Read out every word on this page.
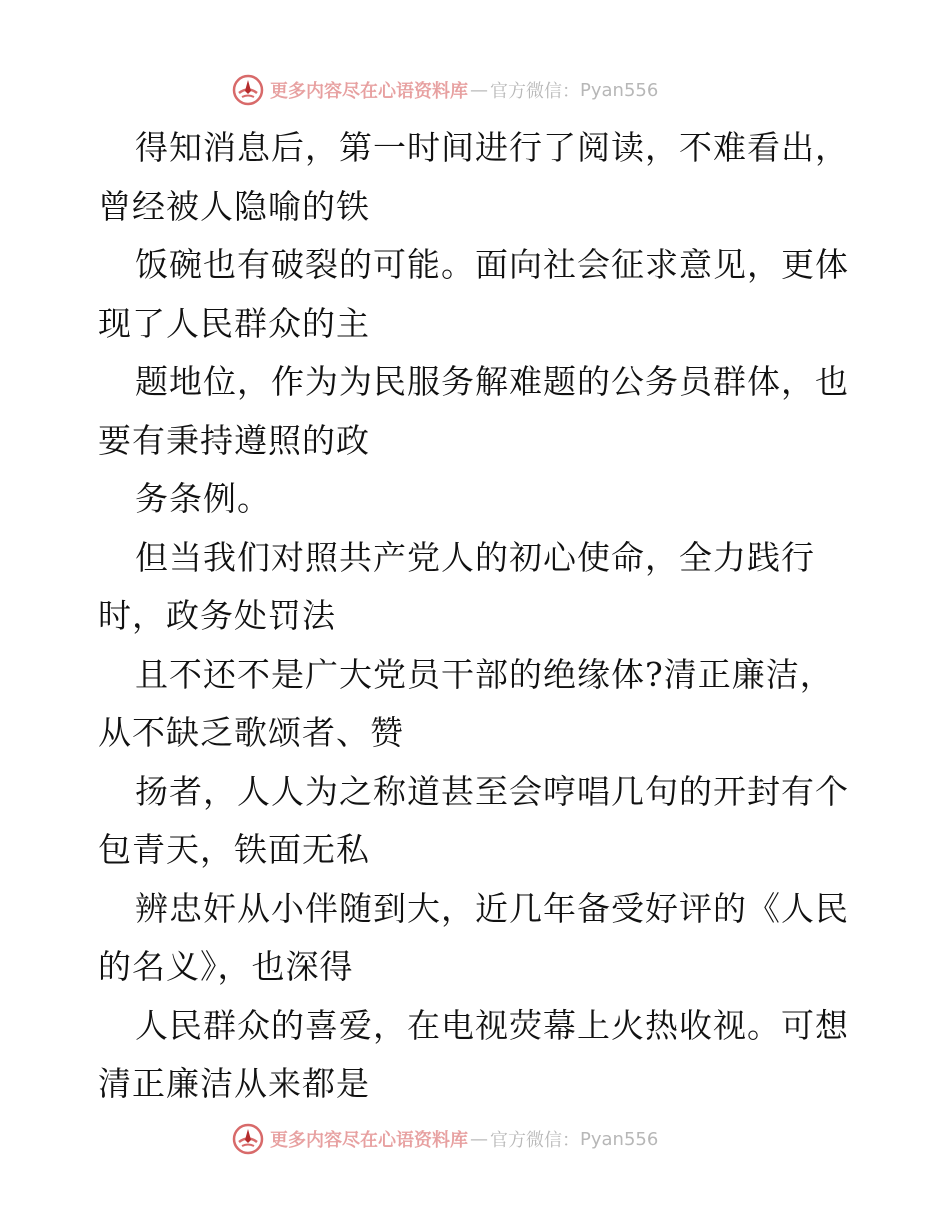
更多内容尽在心语资料库 — 官方微信： Pyan556

得知消息后，第一时间进行了阅读，不难看出，

曾经被人隐喻的铁

饭碗也有破裂的可能。面向社会征求意见，更体

现了人民群众的主

题地位，作为为民服务解难题的公务员群体，也

要有秉持遵照的政

务条例。

但当我们对照共产党人的初心使命，全力践行

时，政务处罚法

且不还不是广大党员干部的绝缘体?清正廉洁，

从不缺乏歌颂者、赞

扬者，人人为之称道甚至会哼唱几句的开封有个

包青天，铁面无私

辨忠奸从小伴随到大，近几年备受好评的《人民

的名义》，也深得

人民群众的喜爱，在电视荧幕上火热收视。可想

清正廉洁从来都是

更多内容尽在心语资料库 — 官方微信： Pyan556
